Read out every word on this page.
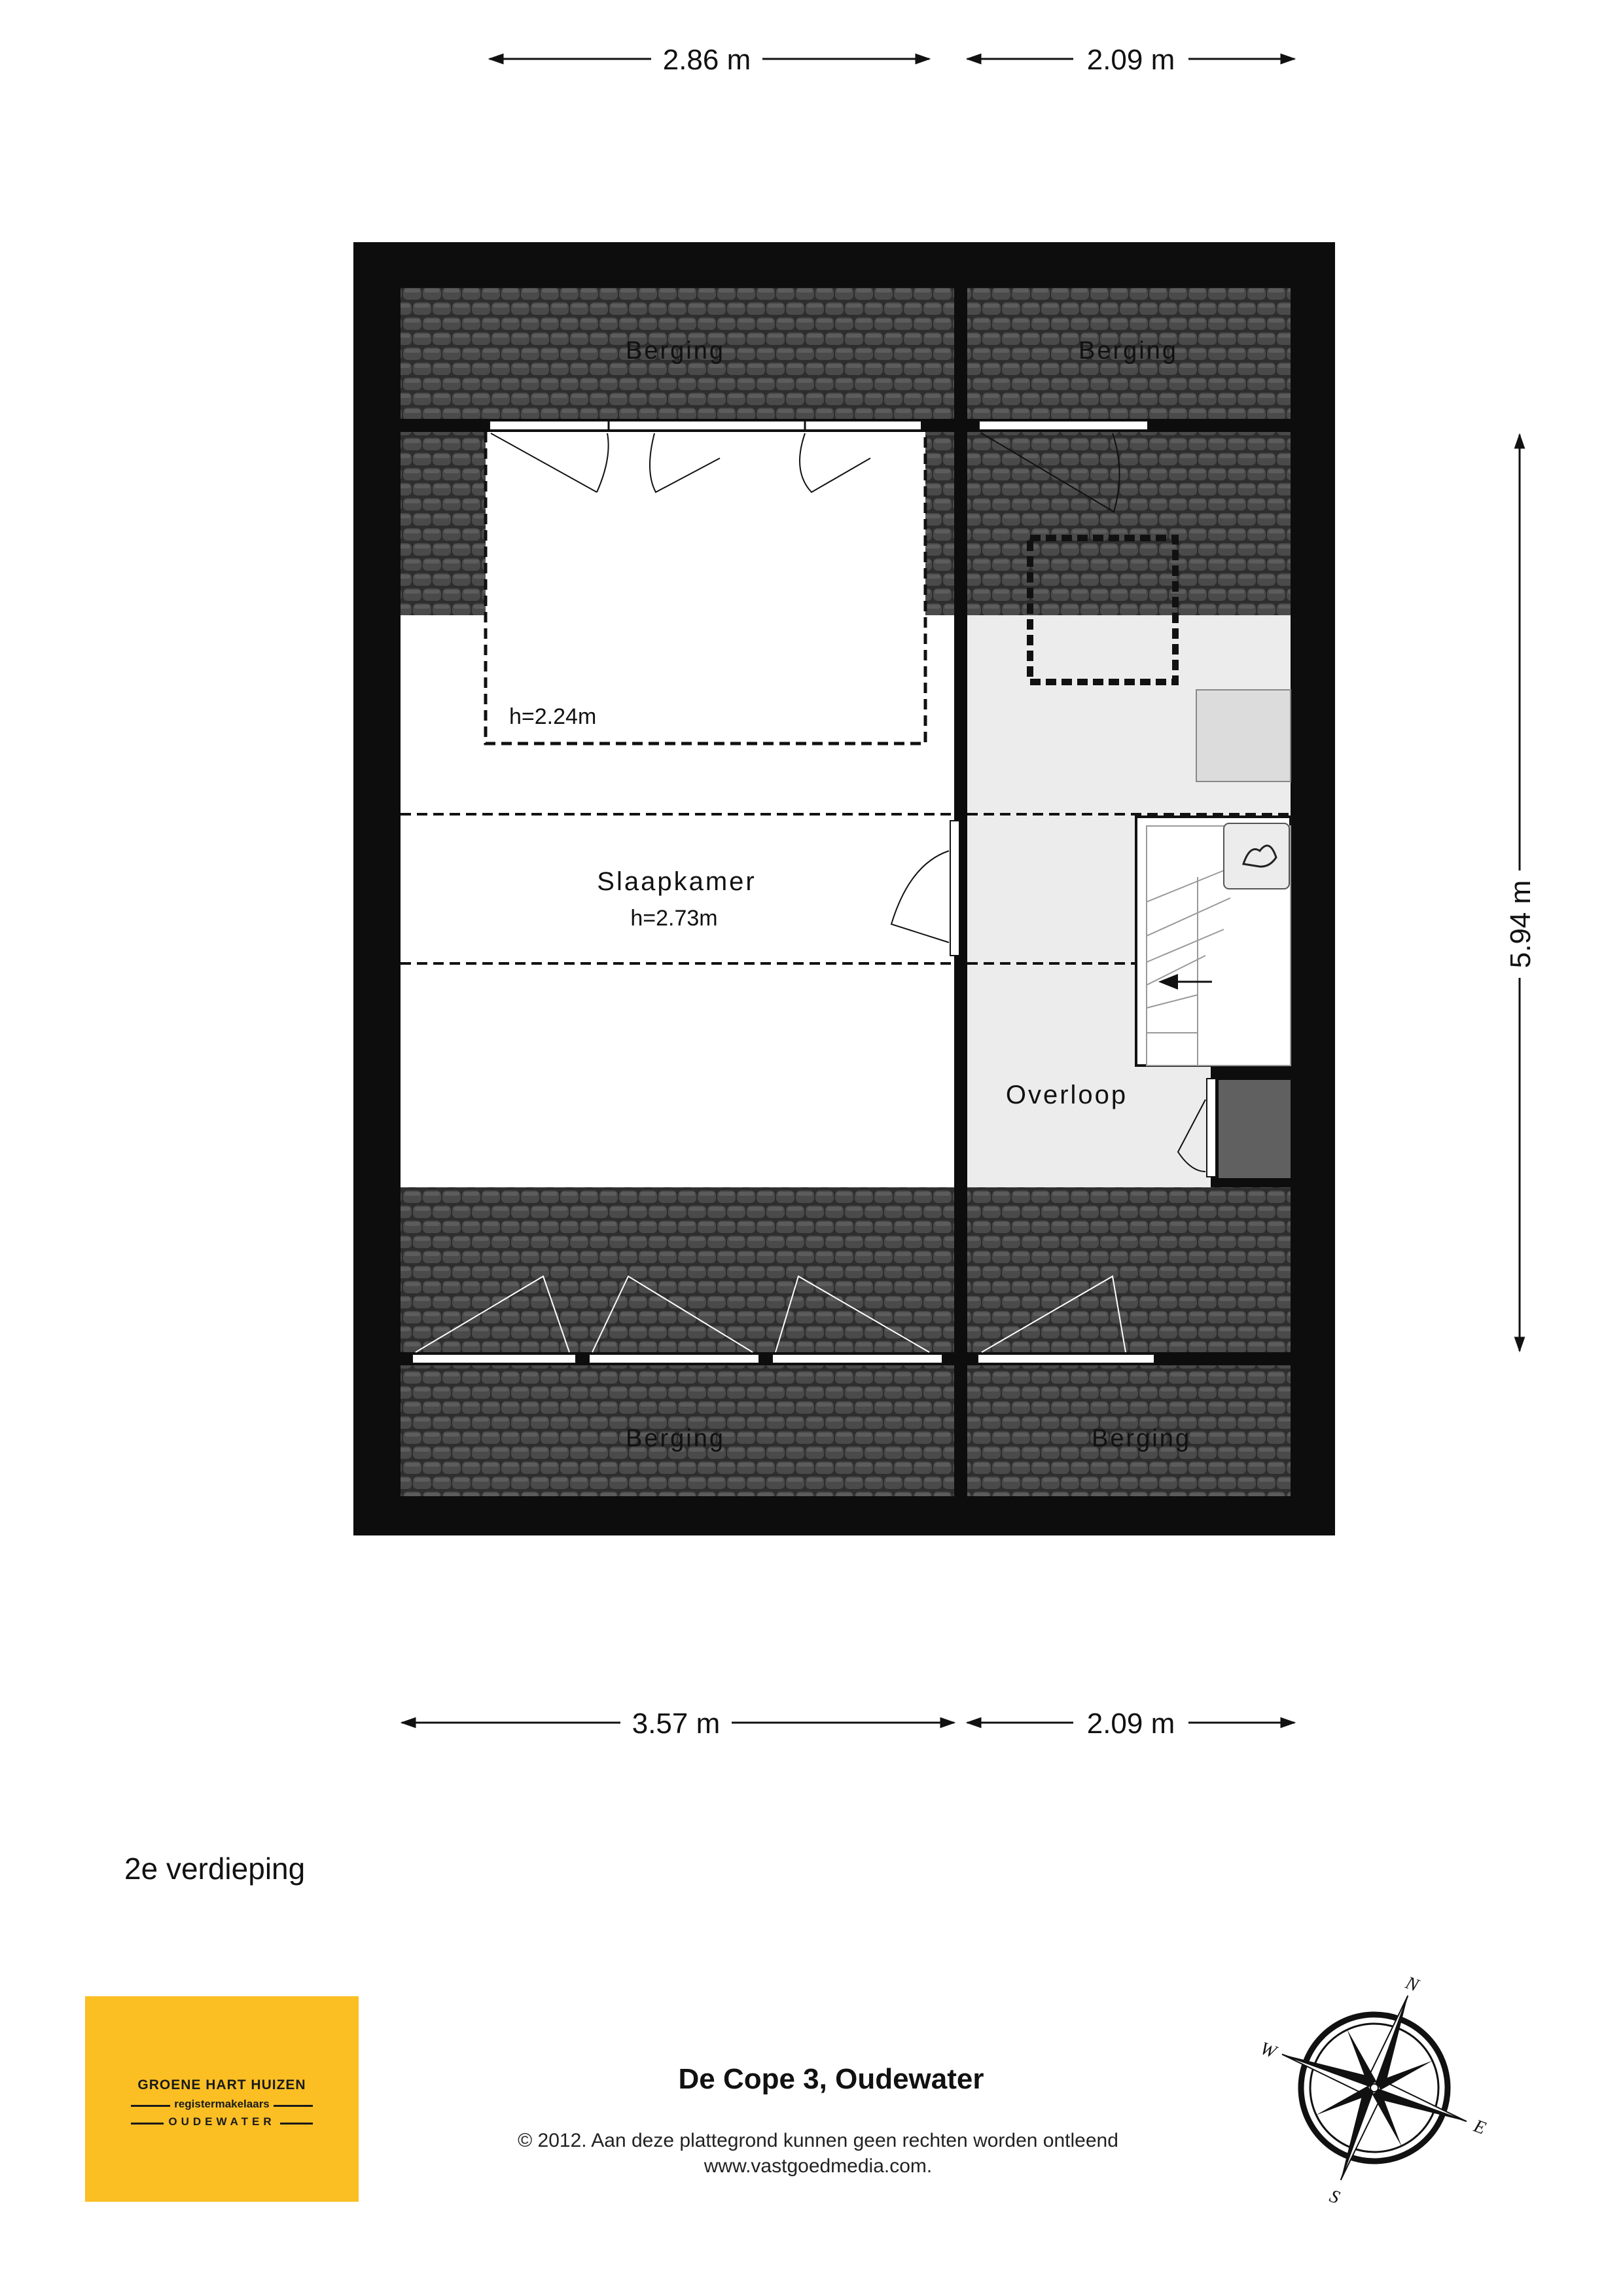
2.86 m	2.09 m
3.57 m	2.09 m
5.94 m
Berging	Berging
Berging	Berging
Slaapkamer
h=2.73m
h=2.24m
Overloop
N
S
E
W
2e verdieping
GROENE HART HUIZEN
registermakelaars
OUDEWATER
De Cope 3, Oudewater
© 2012. Aan deze plattegrond kunnen geen rechten worden ontleend
www.vastgoedmedia.com.
